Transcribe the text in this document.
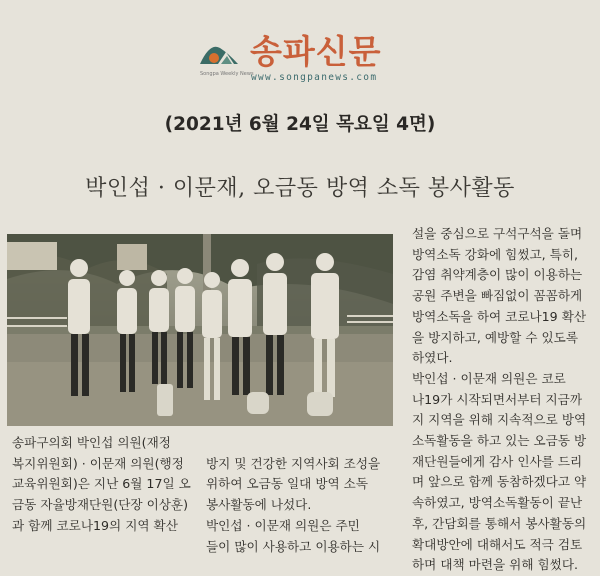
Songpa Weekly News
송파신문
www.songpanews.com
(2021년 6월 24일 목요일 4면)
박인섭 · 이문재, 오금동 방역 소독 봉사활동
송파구의회 박인섭 의원(재정
복지위원회) · 이문재 의원(행정
교육위원회)은 지난 6월 17일 오
금동 자율방재단원(단장 이상훈)
과 함께 코로나19의 지역 확산

방지 및 건강한 지역사회 조성을
위하여 오금동 일대 방역 소독
봉사활동에 나섰다.
박인섭 · 이문재 의원은 주민
들이 많이 사용하고 이용하는 시
설을 중심으로 구석구석을 돌며
방역소독 강화에 힘썼고, 특히,
감염 취약계층이 많이 이용하는
공원 주변을 빠짐없이 꼼꼼하게
방역소독을 하여 코로나19 확산
을 방지하고, 예방할 수 있도록
하였다.
박인섭 · 이문재 의원은 코로
나19가 시작되면서부터 지금까
지 지역을 위해 지속적으로 방역
소독활동을 하고 있는 오금동 방
재단원들에게 감사 인사를 드리
며 앞으로 함께 동참하겠다고 약
속하였고, 방역소독활동이 끝난
후, 간담회를 통해서 봉사활동의
확대방안에 대해서도 적극 검토
하며 대책 마련을 위해 힘썼다.
